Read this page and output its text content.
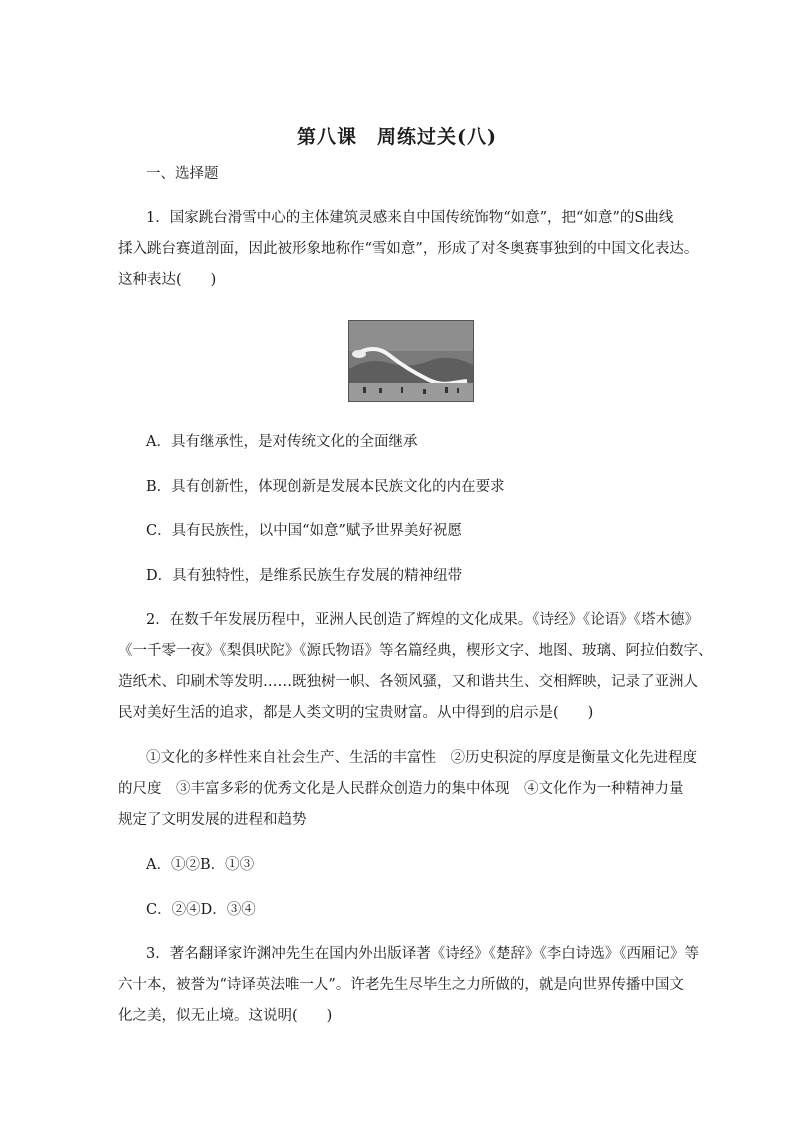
第八课　周练过关(八)
一、选择题
1．国家跳台滑雪中心的主体建筑灵感来自中国传统饰物“如意”，把“如意”的S曲线
揉入跳台赛道剖面，因此被形象地称作“雪如意”，形成了对冬奥赛事独到的中国文化表达。
这种表达(　　)
A．具有继承性，是对传统文化的全面继承
B．具有创新性，体现创新是发展本民族文化的内在要求
C．具有民族性，以中国“如意”赋予世界美好祝愿
D．具有独特性，是维系民族生存发展的精神纽带
2．在数千年发展历程中，亚洲人民创造了辉煌的文化成果。《诗经》《论语》《塔木德》
《一千零一夜》《梨俱吠陀》《源氏物语》等名篇经典，楔形文字、地图、玻璃、阿拉伯数字、
造纸术、印刷术等发明……既独树一帜、各领风骚，又和谐共生、交相辉映，记录了亚洲人
民对美好生活的追求，都是人类文明的宝贵财富。从中得到的启示是(　　)
①文化的多样性来自社会生产、生活的丰富性　②历史积淀的厚度是衡量文化先进程度
的尺度　③丰富多彩的优秀文化是人民群众创造力的集中体现　④文化作为一种精神力量
规定了文明发展的进程和趋势
A．①②B．①③
C．②④D．③④
3．著名翻译家许渊冲先生在国内外出版译著《诗经》《楚辞》《李白诗选》《西厢记》等
六十本，被誉为“诗译英法唯一人”。许老先生尽毕生之力所做的，就是向世界传播中国文
化之美，似无止境。这说明(　　)
